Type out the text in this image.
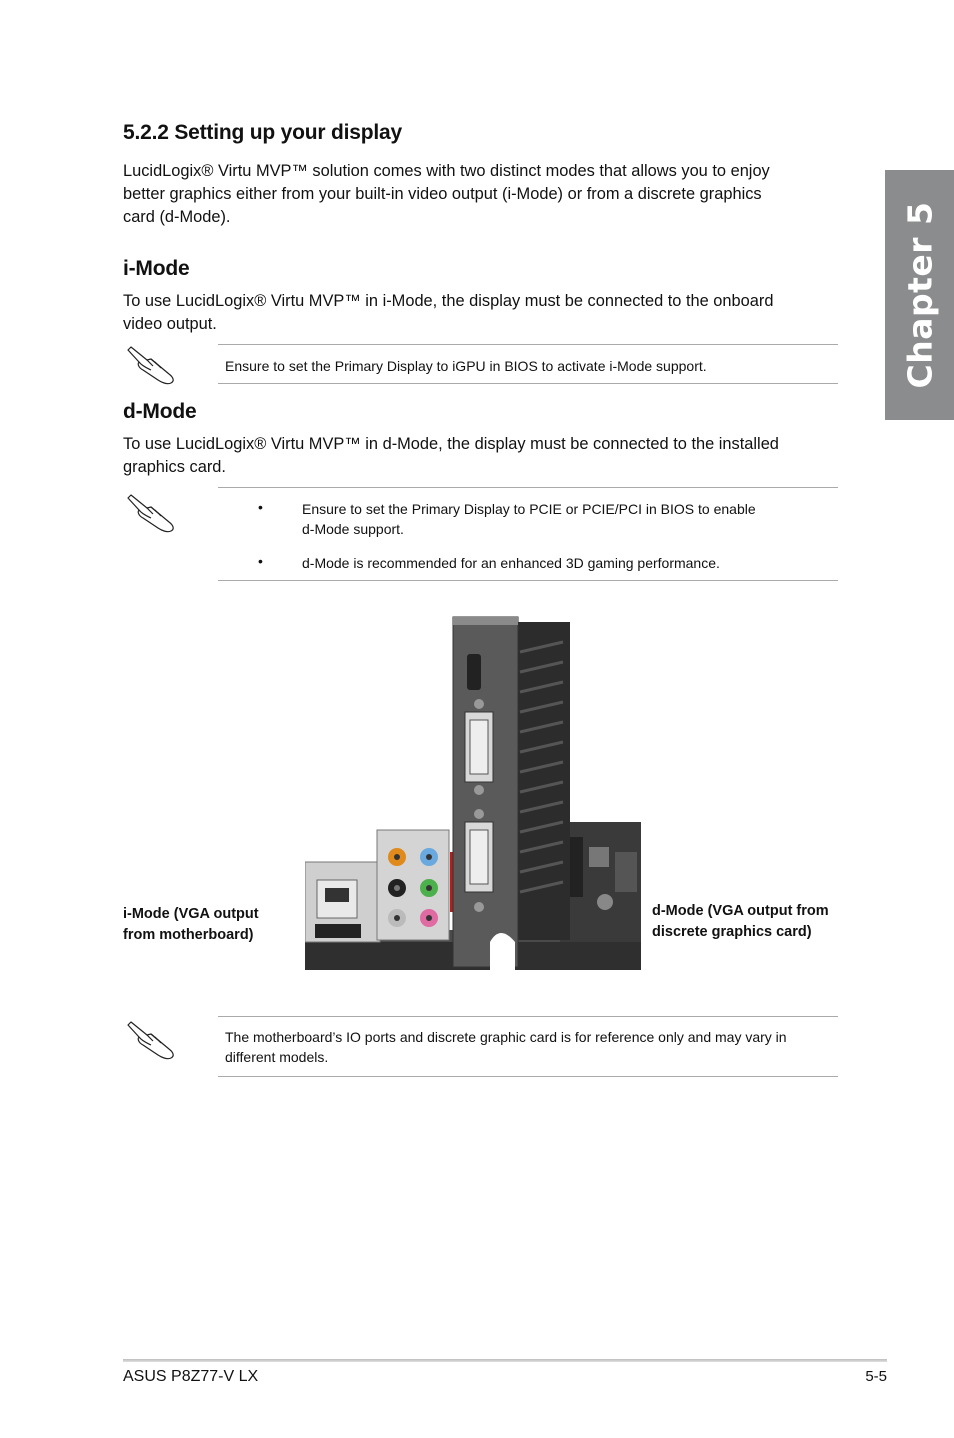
Chapter 5
5.2.2 Setting up your display
LucidLogix® Virtu MVP™ solution comes with two distinct modes that allows you to enjoy
better graphics either from your built-in video output (i-Mode) or from a discrete graphics
card (d-Mode).
i-Mode
To use LucidLogix® Virtu MVP™ in i-Mode, the display must be connected to the onboard
video output.
Ensure to set the Primary Display to iGPU in BIOS to activate i-Mode support.
d-Mode
To use LucidLogix® Virtu MVP™ in d-Mode, the display must be connected to the installed
graphics card.
•	Ensure to set the Primary Display to PCIE or PCIE/PCI in BIOS to enable
d-Mode support.
•	d-Mode is recommended for an enhanced 3D gaming performance.
i-Mode (VGA output
from motherboard)
d-Mode (VGA output from
discrete graphics card)
The motherboard’s IO ports and discrete graphic card is for reference only and may vary in
different models.
ASUS P8Z77-V LX	5-5
